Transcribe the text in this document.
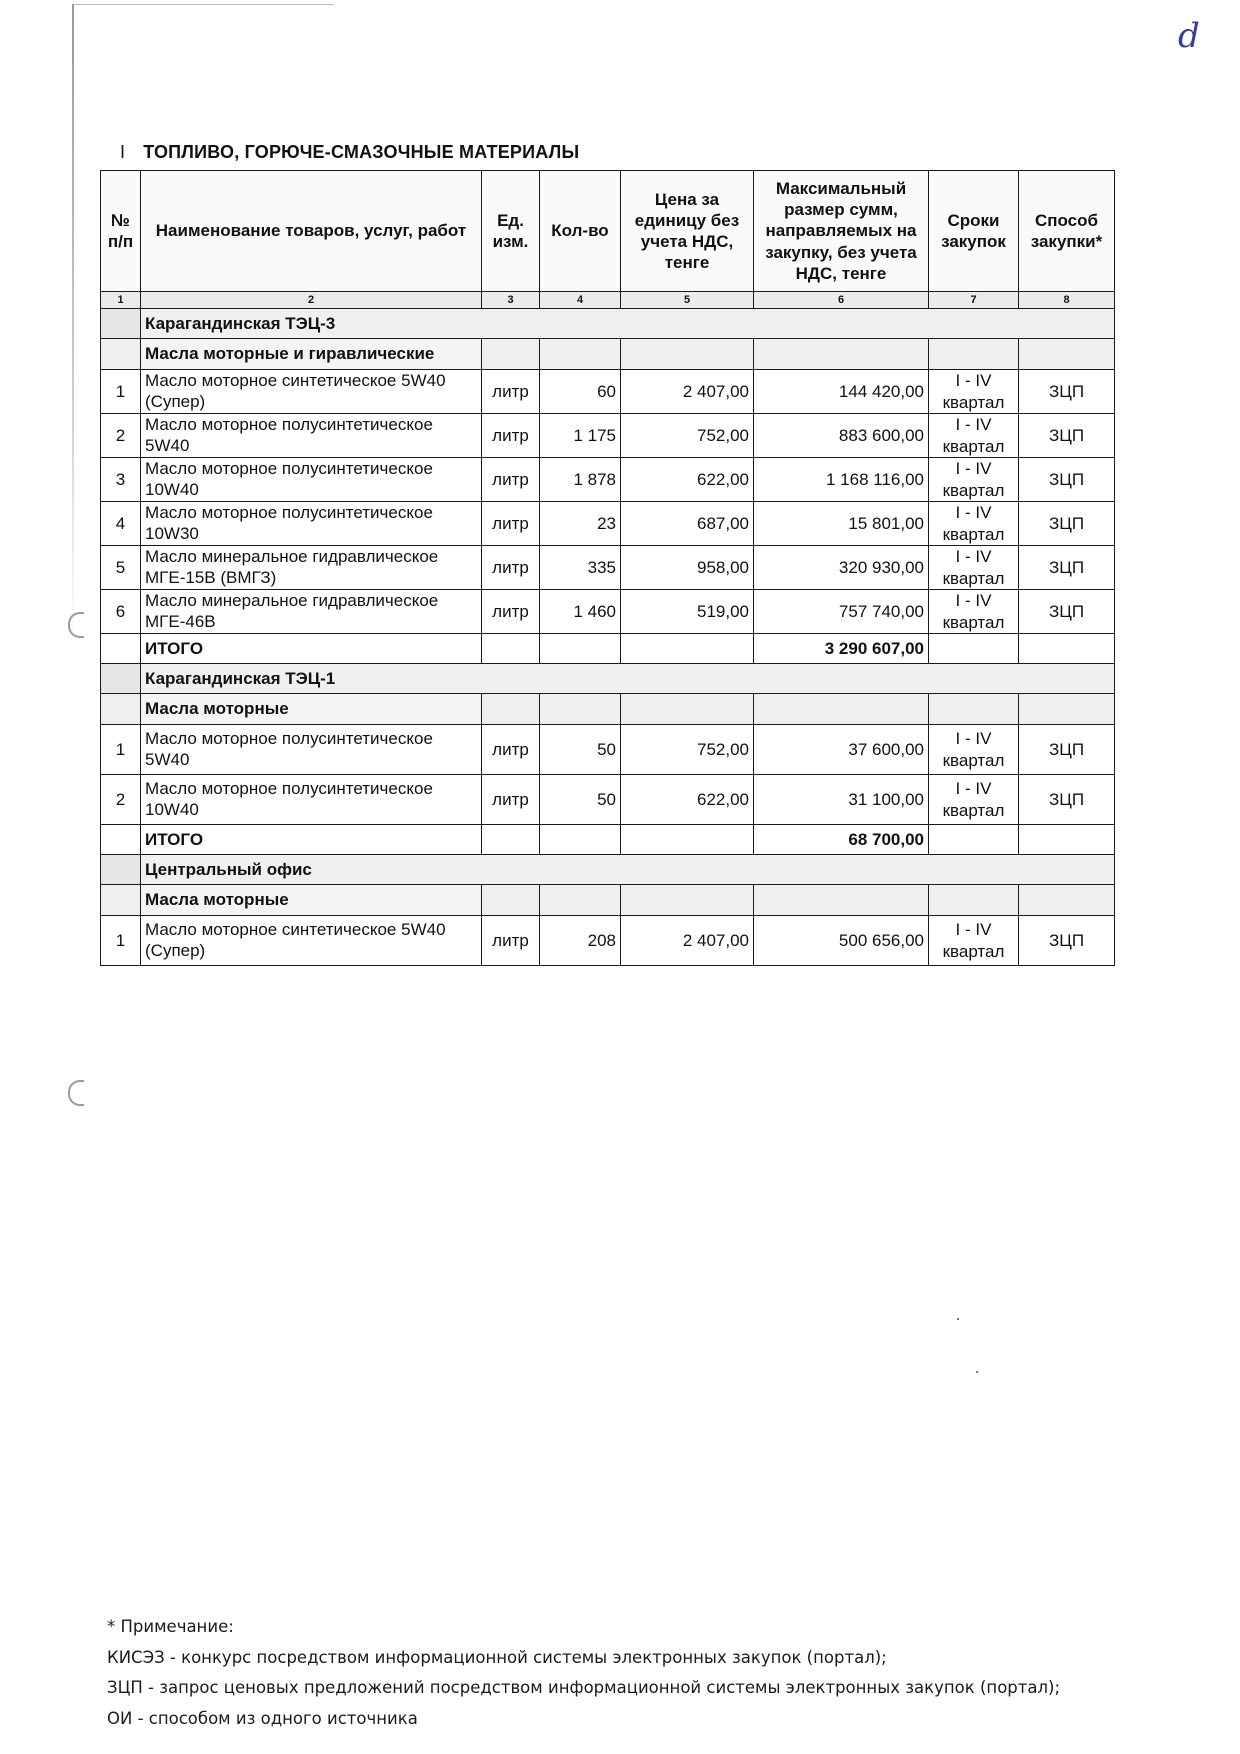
d
I ТОПЛИВО, ГОРЮЧЕ-СМАЗОЧНЫЕ МАТЕРИАЛЫ
№ п/п	Наименование товаров, услуг, работ	Ед. изм.	Кол-во	Цена за единицу без учета НДС, тенге	Максимальный размер сумм, направляемых на закупку, без учета НДС, тенге	Сроки закупок	Способ закупки*
1	2	3	4	5	6	7	8
	Карагандинская ТЭЦ-3						
	Масла моторные и гиравлические						
1	Масло моторное синтетическое 5W40 (Супер)	литр	60	2 407,00	144 420,00	I - IV квартал	ЗЦП
2	Масло моторное полусинтетическое 5W40	литр	1 175	752,00	883 600,00	I - IV квартал	ЗЦП
3	Масло моторное полусинтетическое 10W40	литр	1 878	622,00	1 168 116,00	I - IV квартал	ЗЦП
4	Масло моторное полусинтетическое 10W30	литр	23	687,00	15 801,00	I - IV квартал	ЗЦП
5	Масло минеральное гидравлическое МГЕ-15В (ВМГЗ)	литр	335	958,00	320 930,00	I - IV квартал	ЗЦП
6	Масло минеральное гидравлическое МГЕ-46В	литр	1 460	519,00	757 740,00	I - IV квартал	ЗЦП
	ИТОГО				3 290 607,00		
	Карагандинская ТЭЦ-1						
	Масла моторные						
1	Масло моторное полусинтетическое 5W40	литр	50	752,00	37 600,00	I - IV квартал	ЗЦП
2	Масло моторное полусинтетическое 10W40	литр	50	622,00	31 100,00	I - IV квартал	ЗЦП
	ИТОГО				68 700,00		
	Центральный офис						
	Масла моторные						
1	Масло моторное синтетическое 5W40 (Супер)	литр	208	2 407,00	500 656,00	I - IV квартал	ЗЦП
* Примечание:
КИСЭЗ - конкурс посредством информационной системы электронных закупок (портал);
ЗЦП - запрос ценовых предложений посредством информационной системы электронных закупок (портал);
ОИ - способом из одного источника
